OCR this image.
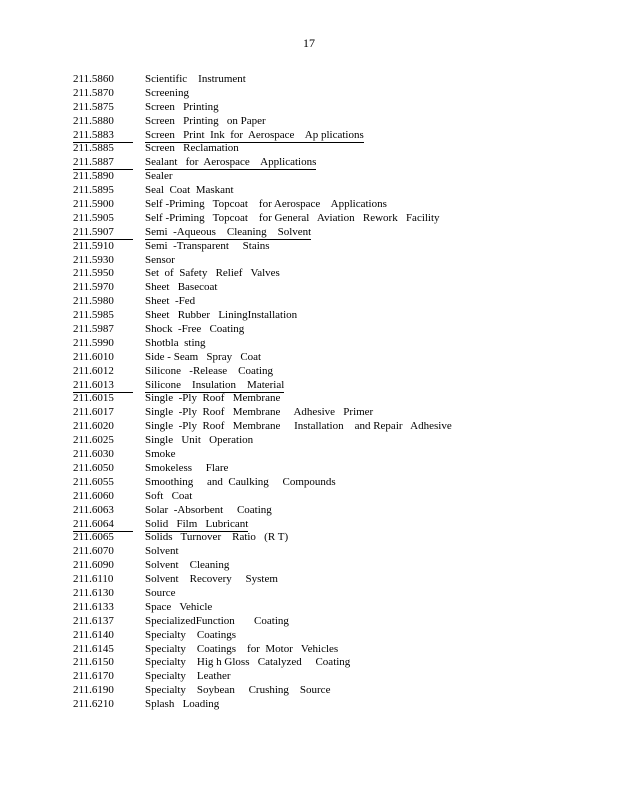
17
211.5860	Scientific    Instrument
211.5870	Screening
211.5875	Screen   Printing
211.5880	Screen   Printing   on Paper
211.5883	Screen   Print  Ink  for  Aerospace    Ap plications
211.5885	Screen   Reclamation
211.5887	Sealant   for  Aerospace    Applications
211.5890	Sealer
211.5895	Seal  Coat  Maskant
211.5900	Self -Priming   Topcoat    for Aerospace    Applications
211.5905	Self -Priming   Topcoat    for General   Aviation   Rework   Facility
211.5907	Semi  -Aqueous    Cleaning    Solvent
211.5910	Semi  -Transparent     Stains
211.5930	Sensor
211.5950	Set  of  Safety   Relief   Valves
211.5970	Sheet   Basecoat
211.5980	Sheet  -Fed
211.5985	Sheet   Rubber   LiningInstallation
211.5987	Shock  -Free   Coating
211.5990	Shotbla  sting
211.6010	Side - Seam   Spray   Coat
211.6012	Silicone   -Release    Coating
211.6013	Silicone    Insulation    Material
211.6015	Single  -Ply  Roof   Membrane
211.6017	Single  -Ply  Roof   Membrane     Adhesive   Primer
211.6020	Single  -Ply  Roof   Membrane     Installation    and Repair   Adhesive
211.6025	Single   Unit   Operation
211.6030	Smoke
211.6050	Smokeless     Flare
211.6055	Smoothing     and  Caulking     Compounds
211.6060	Soft   Coat
211.6063	Solar  -Absorbent     Coating
211.6064	Solid   Film   Lubricant
211.6065	Solids   Turnover    Ratio   (R T)
211.6070	Solvent
211.6090	Solvent    Cleaning
211.6110	Solvent    Recovery     System
211.6130	Source
211.6133	Space   Vehicle
211.6137	SpecializedFunction       Coating
211.6140	Specialty    Coatings
211.6145	Specialty    Coatings    for  Motor   Vehicles
211.6150	Specialty    Hig h Gloss   Catalyzed     Coating
211.6170	Specialty    Leather
211.6190	Specialty    Soybean     Crushing    Source
211.6210	Splash   Loading
